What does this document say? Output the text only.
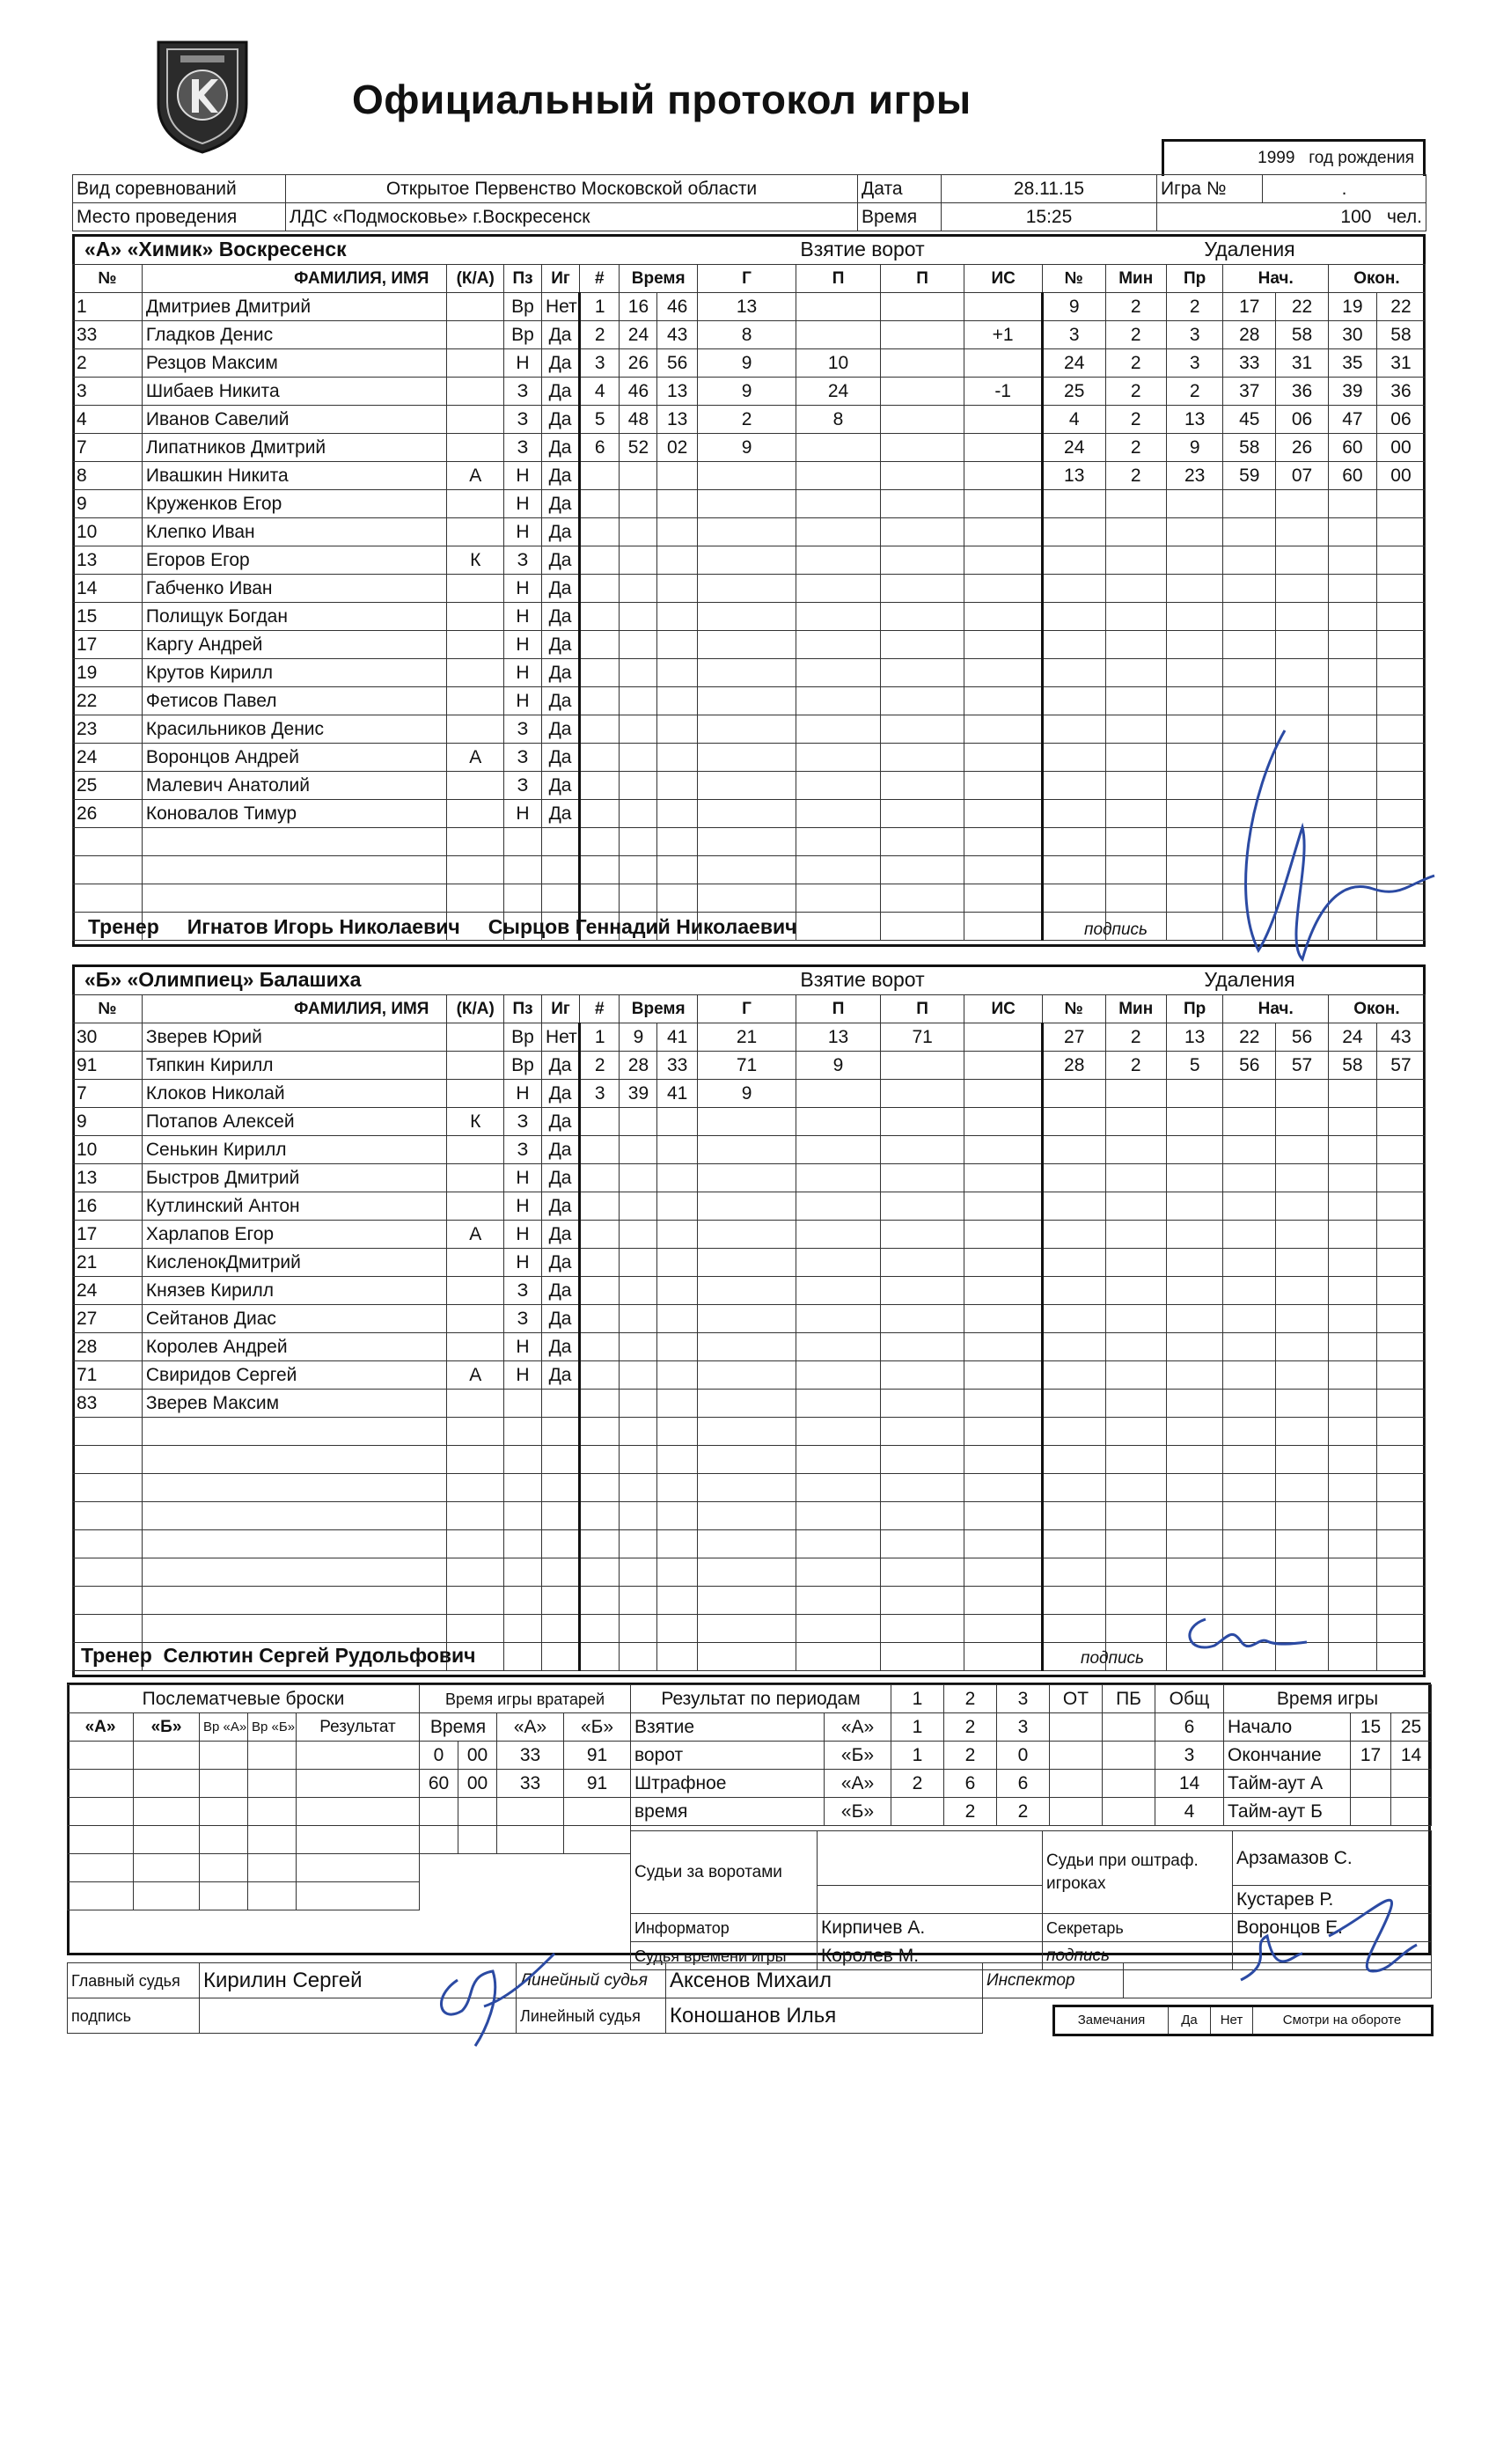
Официальный протокол игры
1999 год рождения
Вид соревнований	Открытое Первенство Московской области	Дата	28.11.15	Игра №	.
Место проведения	ЛДС «Подмосковье» г.Воскресенск	Время	15:25	100 чел.	
«А» «Химик» Воскресенск	Взятие ворот	Удаления
№	ФАМИЛИЯ, ИМЯ	(К/А)	Пз	Иг	#	Время		Г	П	П	ИС	№	Мин	Пр	Нач.		Окон.	
1	Дмитриев Дмитрий		Вр	Нет	1	16	46	13				9	2	2	17	22	19	22
33	Гладков Денис		Вр	Да	2	24	43	8			+1	3	2	3	28	58	30	58
2	Резцов Максим		Н	Да	3	26	56	9	10			24	2	3	33	31	35	31
3	Шибаев Никита		З	Да	4	46	13	9	24		-1	25	2	2	37	36	39	36
4	Иванов Савелий		З	Да	5	48	13	2	8			4	2	13	45	06	47	06
7	Липатников Дмитрий		З	Да	6	52	02	9				24	2	9	58	26	60	00
8	Ивашкин Никита	А	Н	Да								13	2	23	59	07	60	00
9	Круженков Егор		Н	Да														
10	Клепко Иван		Н	Да														
13	Егоров Егор	К	З	Да														
14	Габченко Иван		Н	Да														
15	Полищук Богдан		Н	Да														
17	Каргу Андрей		Н	Да														
19	Крутов Кирилл		Н	Да														
22	Фетисов Павел		Н	Да														
23	Красильников Денис		З	Да														
24	Воронцов Андрей	А	З	Да														
25	Малевич Анатолий		З	Да														
26	Коновалов Тимур		Н	Да														

Тренер Игнатов Игорь Николаевич Сырцов Геннадий Николаевич	подпись
«Б» «Олимпиец» Балашиха	Взятие ворот	Удаления
№	ФАМИЛИЯ, ИМЯ	(К/А)	Пз	Иг	#	Время		Г	П	П	ИС	№	Мин	Пр	Нач.		Окон.	
30	Зверев Юрий		Вр	Нет	1	9	41	21	13	71		27	2	13	22	56	24	43
91	Тяпкин Кирилл		Вр	Да	2	28	33	71	9			28	2	5	56	57	58	57
7	Клоков Николай		Н	Да	3	39	41	9										
9	Потапов Алексей	К	З	Да														
10	Сенькин Кирилл		З	Да														
13	Быстров Дмитрий		Н	Да														
16	Кутлинский Антон		Н	Да														
17	Харлапов Егор	А	Н	Да														
21	КисленокДмитрий		Н	Да														
24	Князев Кирилл		З	Да														
27	Сейтанов Диас		З	Да														
28	Королев Андрей		Н	Да														
71	Свиридов Сергей	А	Н	Да														
83	Зверев Максим																	

Тренер Селютин Сергей Рудольфович	подпись
Послематчевые броски				
«А»	«Б»	Вр «А»	Вр «Б»	Результат

Время игры вратарей			
Время		«А»	«Б»
0	00	33	91
60	00	33	91

Результат по периодам		1	2	3	ОТ	ПБ	Общ
Взятие	«А»	1	2	3			6
ворот	«Б»	1	2	0			3
Штрафное	«А»	2	6	6			14
время	«Б»		2	2			4
Время игры		
Начало	15	25
Окончание	17	14
Тайм-аут А		
Тайм-аут Б		
Судьи за воротами		Судьи при оштраф. игроках	Арзамазов С.
			Кустарев Р.
Информатор	Кирпичев А.	Секретарь	Воронцов Е.
Судья времени игры	Королев М.	подпись	
Главный судья	Кирилин Сергей	Линейный судья	Аксенов Михаил	Инспектор	
подпись		Линейный судья	Коношанов Илья			Замечания	Да	Нет	Смотри на обороте
